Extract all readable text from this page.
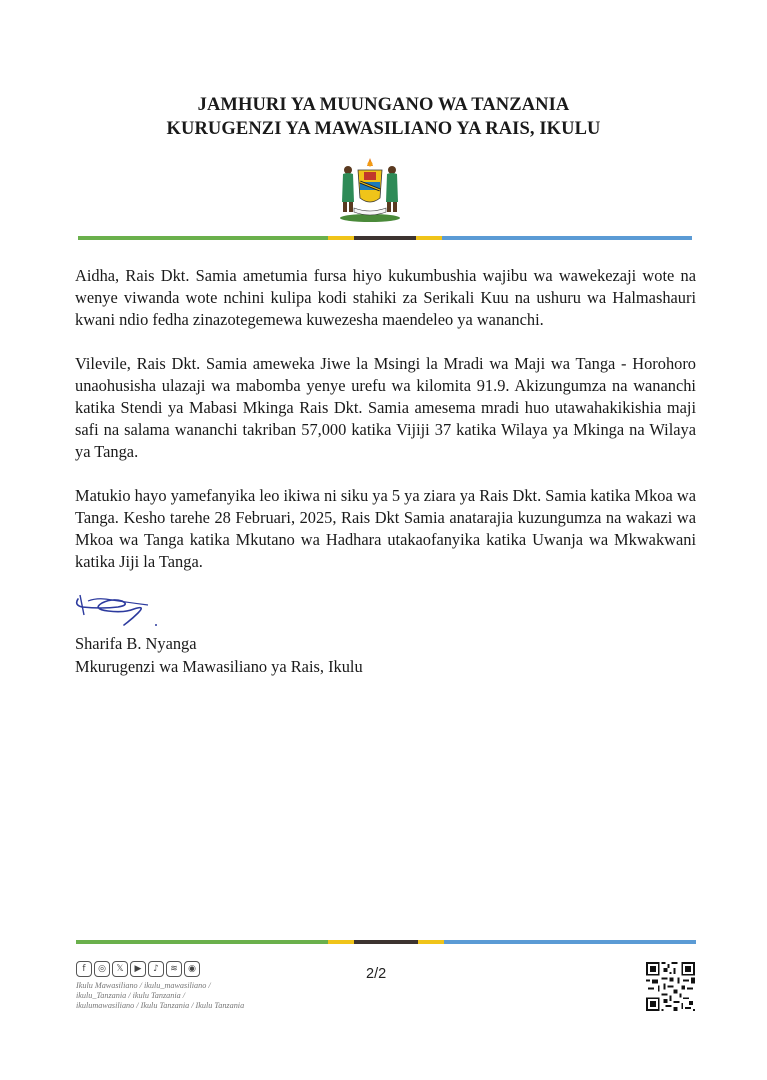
JAMHURI YA MUUNGANO WA TANZANIA
KURUGENZI YA MAWASILIANO YA RAIS, IKULU

Aidha, Rais Dkt. Samia ametumia fursa hiyo kukumbushia wajibu wa wawekezaji wote na wenye viwanda wote nchini kulipa kodi stahiki za Serikali Kuu na ushuru wa Halmashauri kwani ndio fedha zinazotegemewa kuwezesha maendeleo ya wananchi.

Vilevile, Rais Dkt. Samia ameweka Jiwe la Msingi la Mradi wa Maji wa Tanga - Horohoro unaohusisha ulazaji wa mabomba yenye urefu wa kilomita 91.9. Akizungumza na wananchi katika Stendi ya Mabasi Mkinga Rais Dkt. Samia amesema mradi huo utawahakikishia maji safi na salama wananchi takriban 57,000 katika Vijiji 37 katika Wilaya ya Mkinga na Wilaya ya Tanga.

Matukio hayo yamefanyika leo ikiwa ni siku ya 5 ya ziara ya Rais Dkt. Samia katika Mkoa wa Tanga. Kesho tarehe 28 Februari, 2025, Rais Dkt Samia anatarajia kuzungumza na wakazi wa Mkoa wa Tanga katika Mkutano wa Hadhara utakaofanyika katika Uwanja wa Mkwakwani katika Jiji la Tanga.

Sharifa B. Nyanga
Mkurugenzi wa Mawasiliano ya Rais, Ikulu
f	◎	𝕏	▶	♪	≋	◉
Ikulu Mawasiliano / ikulu_mawasiliano /
ikulu_Tanzania / ikulu Tanzania /
ikulumawasiliano / Ikulu Tanzania / Ikulu Tanzania
2/2
